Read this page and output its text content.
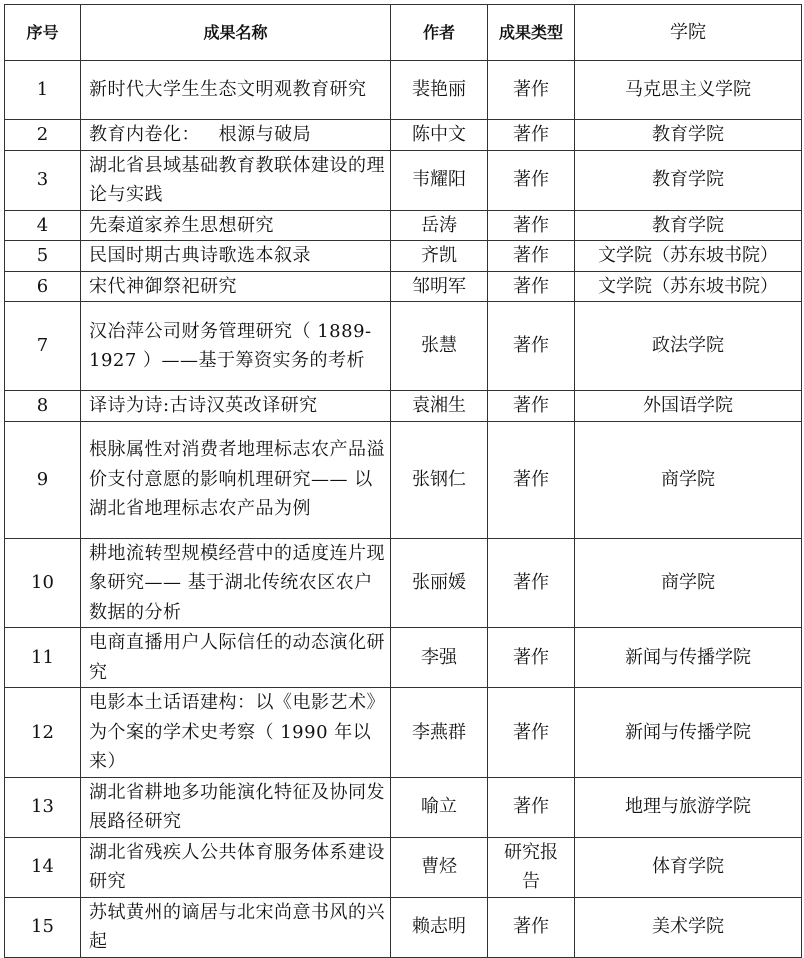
序号	成果名称	作者	成果类型	学院
1	新时代大学生生态文明观教育研究	裴艳丽	著作	马克思主义学院
2	教育内卷化：   根源与破局	陈中文	著作	教育学院
3	湖北省县域基础教育教联体建设的理论与实践	韦耀阳	著作	教育学院
4	先秦道家养生思想研究	岳涛	著作	教育学院
5	民国时期古典诗歌选本叙录	齐凯	著作	文学院（苏东坡书院）
6	宋代神御祭祀研究	邹明军	著作	文学院（苏东坡书院）
7	汉冶萍公司财务管理研究（ 1889- 1927 ）——基于筹资实务的考析	张慧	著作	政法学院
8	译诗为诗:古诗汉英改译研究	袁湘生	著作	外国语学院
9	根脉属性对消费者地理标志农产品溢价支付意愿的影响机理研究—— 以湖北省地理标志农产品为例	张钢仁	著作	商学院
10	耕地流转型规模经营中的适度连片现象研究—— 基于湖北传统农区农户数据的分析	张丽媛	著作	商学院
11	电商直播用户人际信任的动态演化研究	李强	著作	新闻与传播学院
12	电影本土话语建构：以《电影艺术》为个案的学术史考察（ 1990 年以来）	李燕群	著作	新闻与传播学院
13	湖北省耕地多功能演化特征及协同发展路径研究	喻立	著作	地理与旅游学院
14	湖北省残疾人公共体育服务体系建设研究	曹烃	研究报告	体育学院
15	苏轼黄州的谪居与北宋尚意书风的兴起	赖志明	著作	美术学院
